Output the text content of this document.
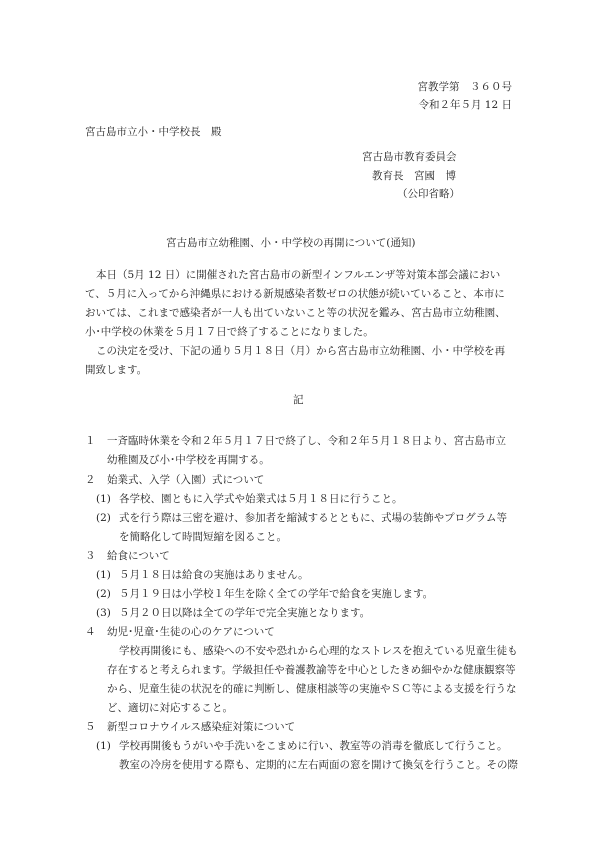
宮教学第　３６０号
令和２年５月 12 日
宮古島市立小・中学校長　殿
宮古島市教育委員会
教育長　宮國　博
（公印省略）
宮古島市立幼稚園、小・中学校の再開について(通知)
本日（5月 12 日）に開催された宮古島市の新型インフルエンザ等対策本部会議におい
て、５月に入ってから沖縄県における新規感染者数ゼロの状態が続いていること、本市に
おいては、これまで感染者が一人も出ていないこと等の状況を鑑み、宮古島市立幼稚園、
小･中学校の休業を５月１７日で終了することになりました。
この決定を受け、下記の通り５月１８日（月）から宮古島市立幼稚園、小・中学校を再
開致します。
記
１ 一斉臨時休業を令和２年５月１７日で終了し、令和２年５月１８日より、宮古島市立
幼稚園及び小･中学校を再開する。
２ 始業式、入学（入園）式について
(1) 各学校、園ともに入学式や始業式は５月１８日に行うこと。
(2) 式を行う際は三密を避け、参加者を縮減するとともに、式場の装飾やプログラム等
を簡略化して時間短縮を図ること。
３ 給食について
(1) ５月１８日は給食の実施はありません。
(2) ５月１９日は小学校１年生を除く全ての学年で給食を実施します。
(3) ５月２０日以降は全ての学年で完全実施となります。
４ 幼児･児童･生徒の心のケアについて
学校再開後にも、感染への不安や恐れから心理的なストレスを抱えている児童生徒も
存在すると考えられます。学級担任や養護教諭等を中心としたきめ細やかな健康観察等
から、児童生徒の状況を的確に判断し、健康相談等の実施やＳＣ等による支援を行うな
ど、適切に対応すること。
５ 新型コロナウイルス感染症対策について
(1) 学校再開後もうがいや手洗いをこまめに行い、教室等の消毒を徹底して行うこと。
教室の冷房を使用する際も、定期的に左右両面の窓を開けて換気を行うこと。その際
